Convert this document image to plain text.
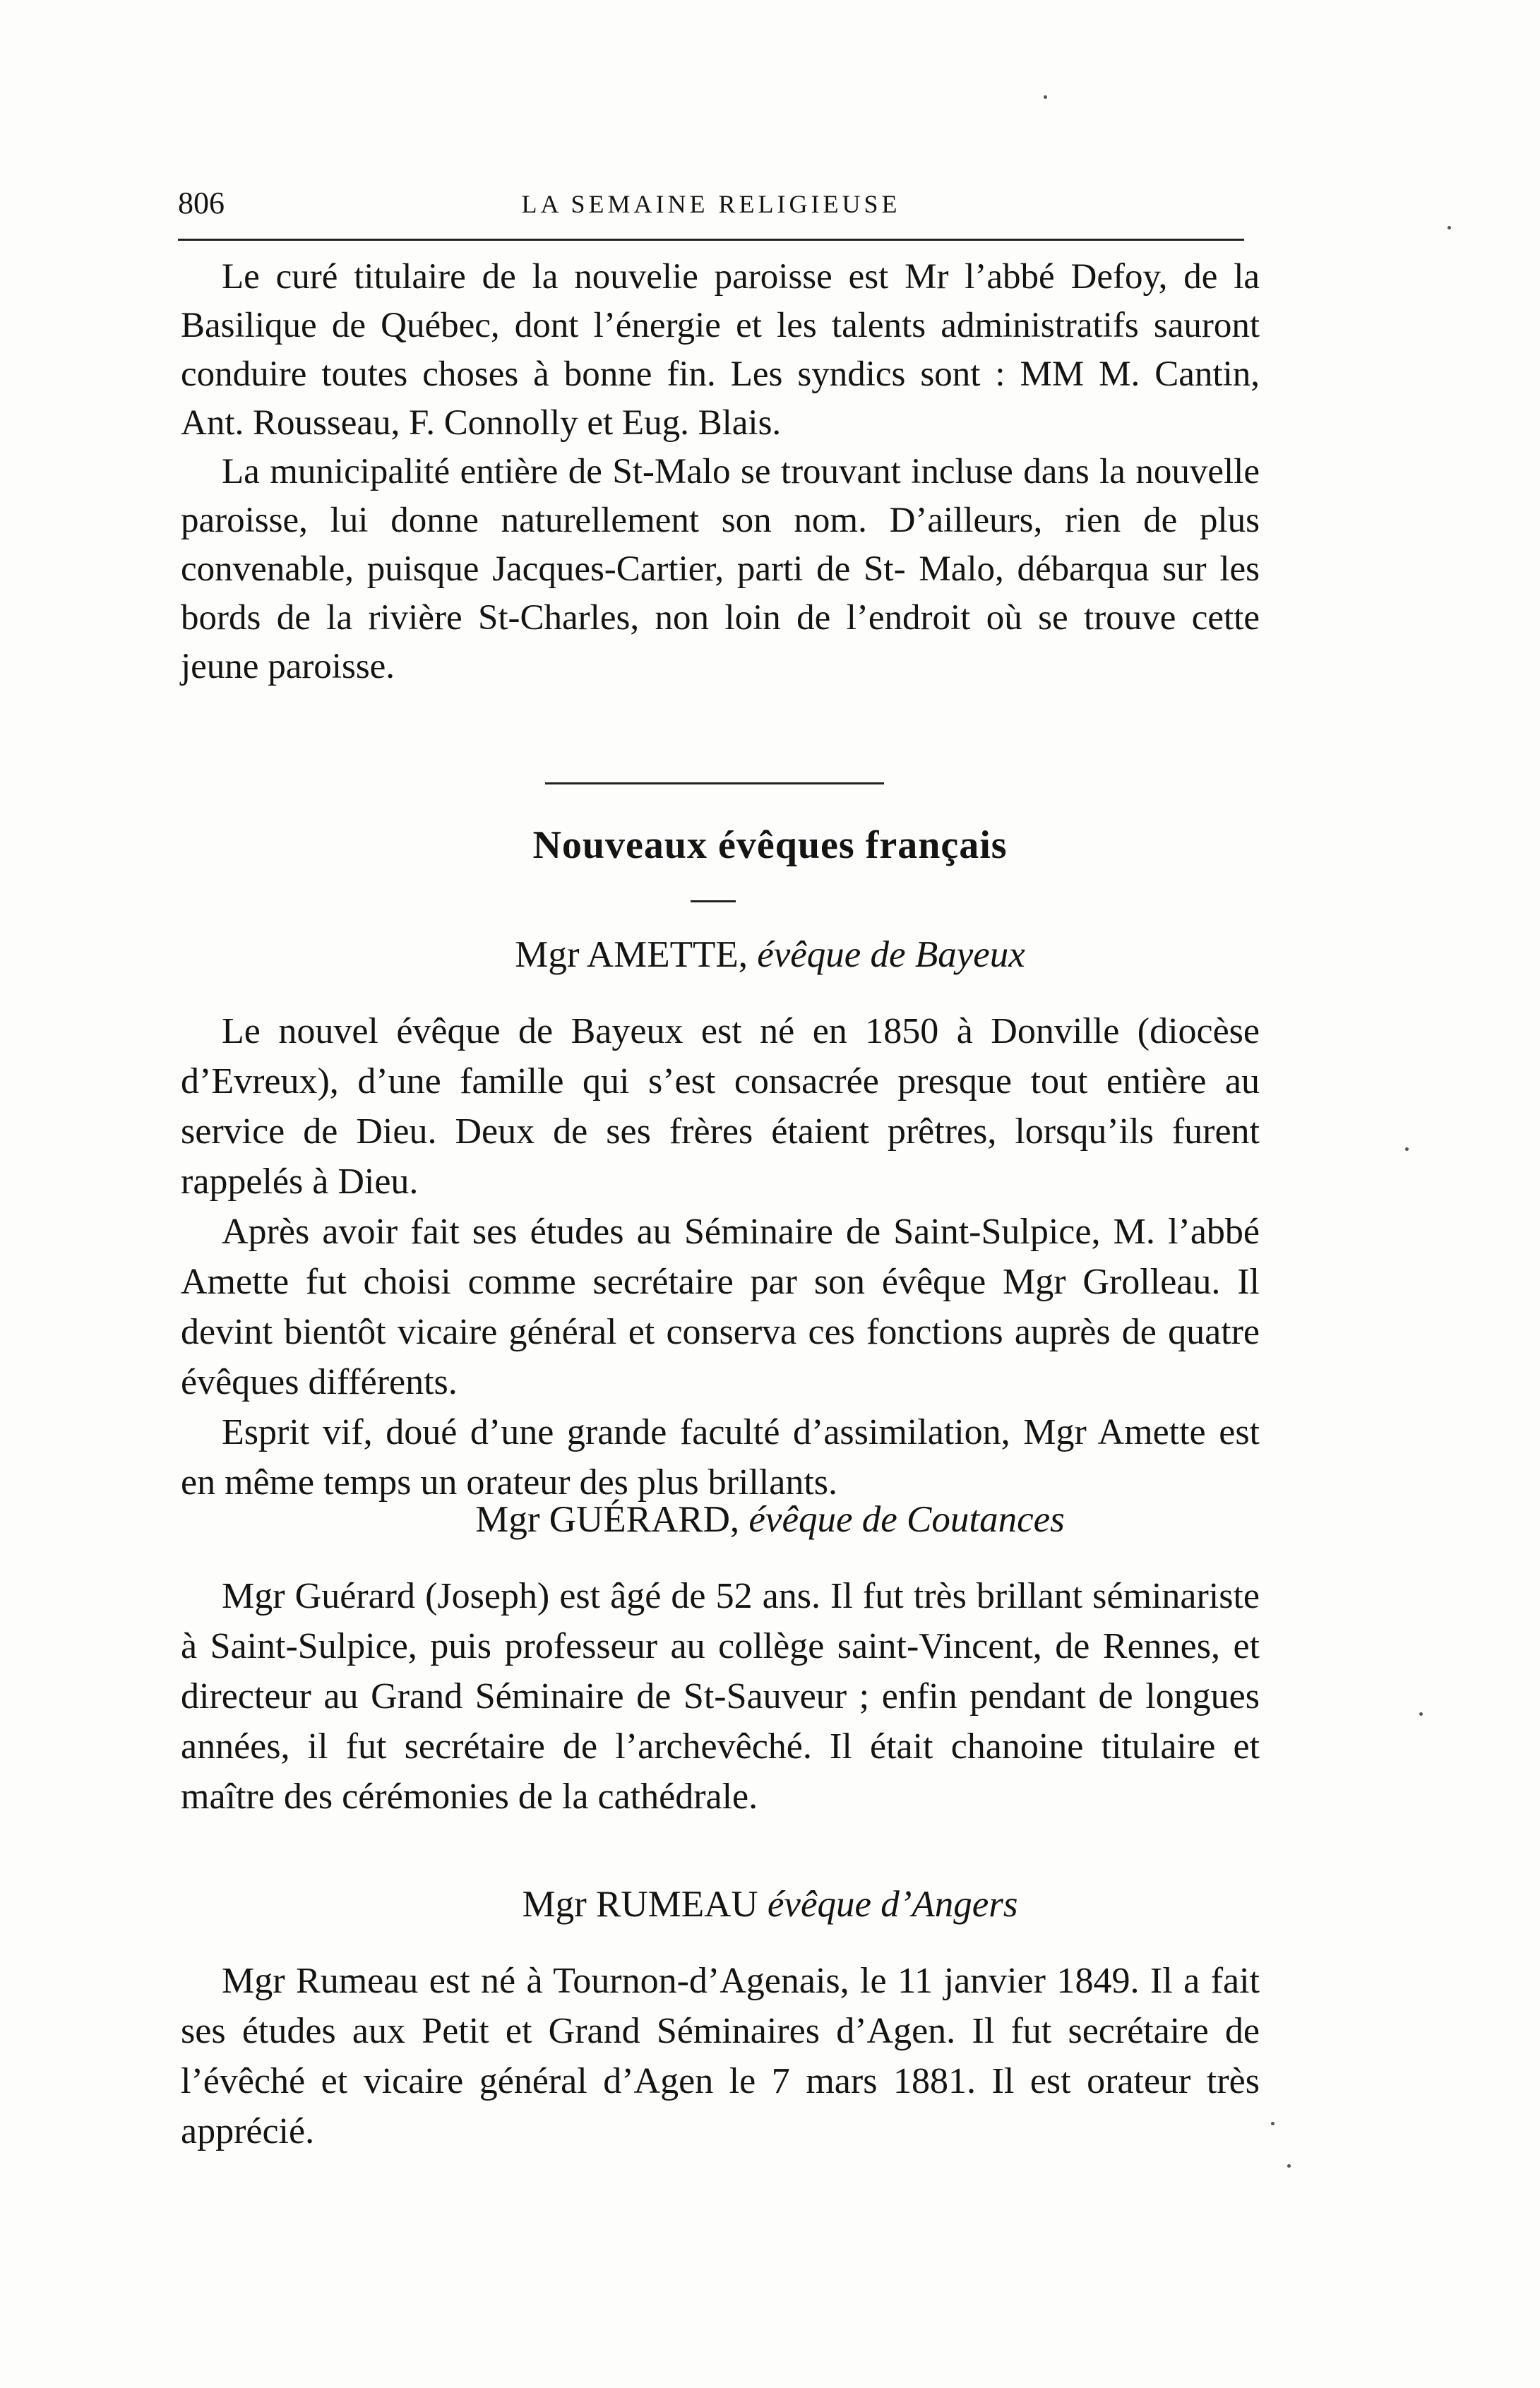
806	LA SEMAINE RELIGIEUSE

Le curé titulaire de la nouvelie paroisse est Mr l’abbé Defoy, de la Basilique de Québec, dont l’énergie et les talents administratifs sauront conduire toutes choses à bonne fin. Les syndics sont : MM M. Cantin, Ant. Rousseau, F. Connolly et Eug. Blais.

La municipalité entière de St-Malo se trouvant incluse dans la nouvelle paroisse, lui donne naturellement son nom. D’ailleurs, rien de plus convenable, puisque Jacques-Cartier, parti de St- Malo, débarqua sur les bords de la rivière St-Charles, non loin de l’endroit où se trouve cette jeune paroisse.

Nouveaux évêques français
Mgr AMETTE, évêque de Bayeux

Le nouvel évêque de Bayeux est né en 1850 à Donville (diocèse d’Evreux), d’une famille qui s’est consacrée presque tout entière au service de Dieu. Deux de ses frères étaient prêtres, lorsqu’ils furent rappelés à Dieu.

Après avoir fait ses études au Séminaire de Saint-Sulpice, M. l’abbé Amette fut choisi comme secrétaire par son évêque Mgr Grolleau. Il devint bientôt vicaire général et conserva ces fonctions auprès de quatre évêques différents.

Esprit vif, doué d’une grande faculté d’assimilation, Mgr Amette est en même temps un orateur des plus brillants.

Mgr GUÉRARD, évêque de Coutances

Mgr Guérard (Joseph) est âgé de 52 ans. Il fut très brillant séminariste à Saint-Sulpice, puis professeur au collège saint-Vincent, de Rennes, et directeur au Grand Séminaire de St-Sauveur ; enfin pendant de longues années, il fut secrétaire de l’archevêché. Il était chanoine titulaire et maître des cérémonies de la cathédrale.

Mgr RUMEAU évêque d’Angers

Mgr Rumeau est né à Tournon-d’Agenais, le 11 janvier 1849. Il a fait ses études aux Petit et Grand Séminaires d’Agen. Il fut secrétaire de l’évêché et vicaire général d’Agen le 7 mars 1881. Il est orateur très apprécié.
